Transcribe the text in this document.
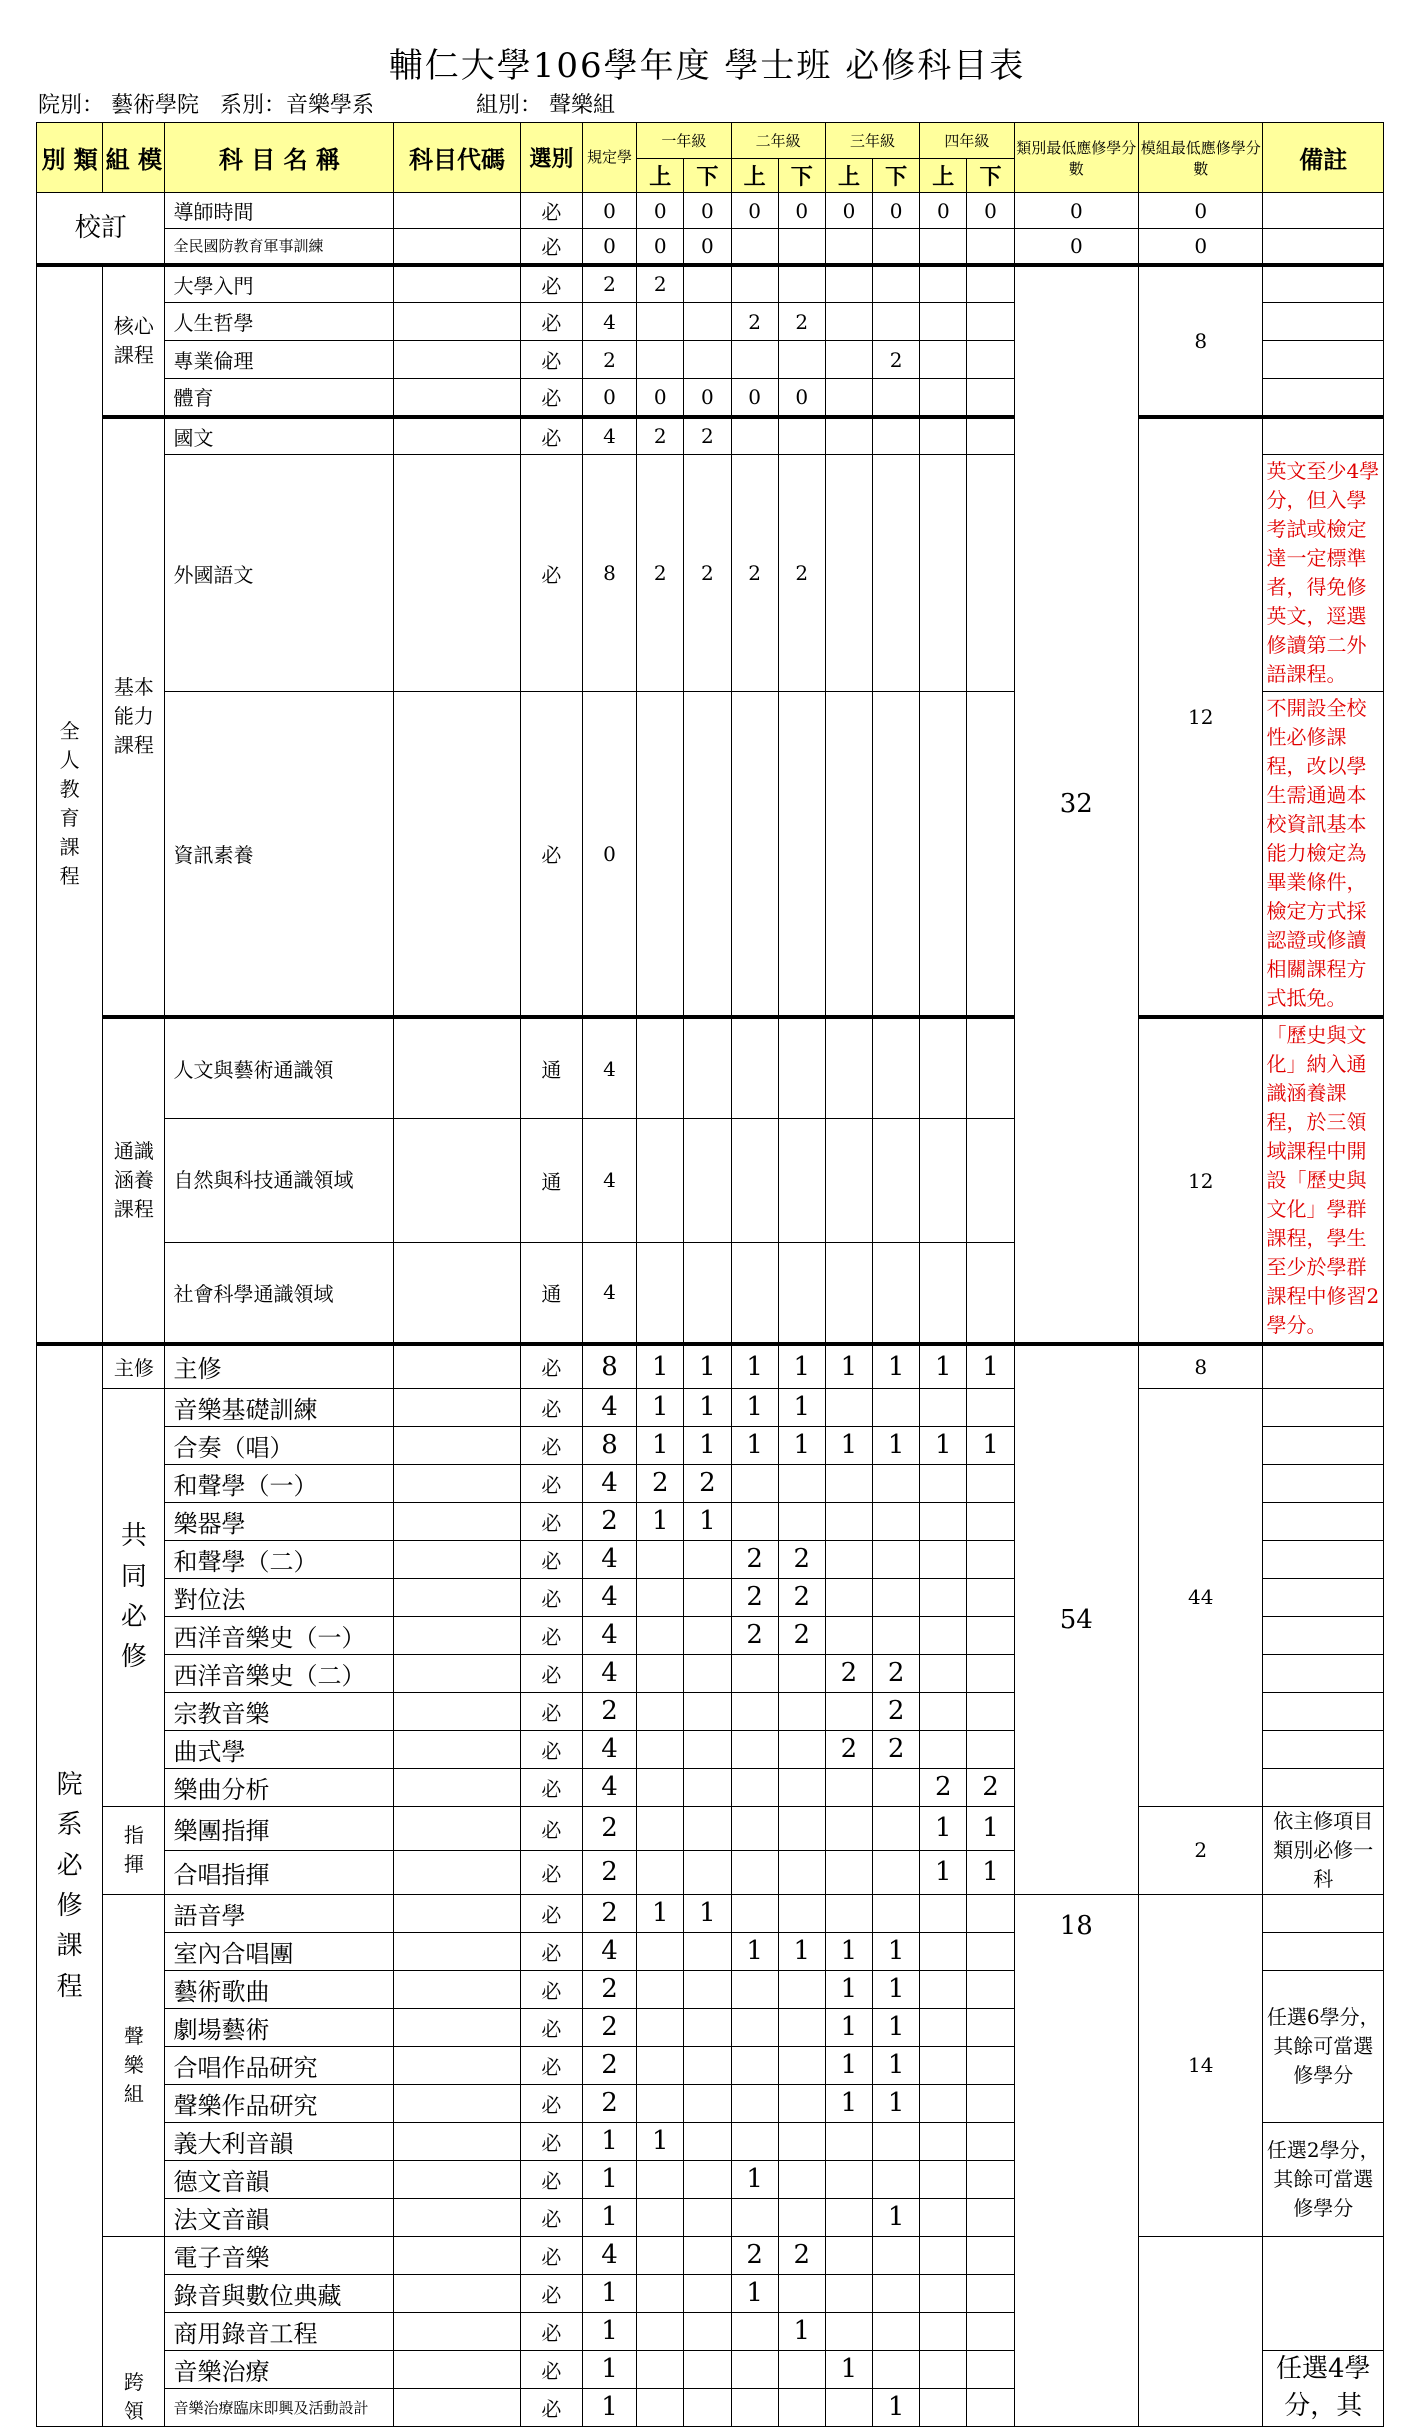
輔仁大學106學年度 學士班 必修科目表
院別： 藝術學院 系別：音樂學系	組別： 聲樂組
別 類	組 模	科 目 名 稱	科目代碼	選別	規定學	一年級		二年級		三年級		四年級		類別最低應修學分數	模組最低應修學分數	備註
						上	下	上	下	上	下	上	下			
校訂		導師時間		必	0	0	0	0	0	0	0	0	0	0	0	
		全民國防教育軍事訓練		必	0	0	0							0	0	
全人教育課程	核心課程	大學入門		必	2	2								32	8	
		人生哲學		必	4			2	2							
		專業倫理		必	2						2					
		體育		必	0	0	0	0	0							
	基本能力課程	國文		必	4	2	2								12	
		外國語文		必	8	2	2	2	2							英文至少4學分，但入學考試或檢定達一定標準者，得免修英文，逕選修讀第二外語課程。
		資訊素養		必	0											不開設全校性必修課程，改以學生需通過本校資訊基本能力檢定為畢業條件，檢定方式採認證或修讀相關課程方式抵免。
	通識涵養課程	人文與藝術通識領		通	4										12	「歷史與文化」納入通識涵養課程，於三領域課程中開設「歷史與文化」學群課程，學生至少於學群課程中修習2學分。
		自然與科技通識領域		通	4											
		社會科學通識領域		通	4											
院系必修課程	主修	主修		必	8	1	1	1	1	1	1	1	1	54	8	
	共同必修	音樂基礎訓練		必	4	1	1	1	1						44	
		合奏（唱）		必	8	1	1	1	1	1	1	1	1			
		和聲學（一）		必	4	2	2									
		樂器學		必	2	1	1									
		和聲學（二）		必	4			2	2							
		對位法		必	4			2	2							
		西洋音樂史（一）		必	4			2	2							
		西洋音樂史（二）		必	4					2	2					
		宗教音樂		必	2						2					
		曲式學		必	4					2	2					
		樂曲分析		必	4							2	2			
	指揮	樂團指揮		必	2							1	1		2	依主修項目類別必修一科
		合唱指揮		必	2							1	1			
	聲樂組	語音學		必	2	1	1							18	14	
		室內合唱團		必	4			1	1	1	1					
		藝術歌曲		必	2					1	1					任選6學分，其餘可當選修學分
		劇場藝術		必	2					1	1					
		合唱作品研究		必	2					1	1					
		聲樂作品研究		必	2					1	1					
		義大利音韻		必	1	1										任選2學分，其餘可當選修學分
		德文音韻		必	1			1								
		法文音韻		必	1						1					
	跨領	電子音樂		必	4			2	2							
		錄音與數位典藏		必	1			1								
		商用錄音工程		必	1				1							
		音樂治療		必	1					1						任選4學分，其
		音樂治療臨床即興及活動設計		必	1						1					
